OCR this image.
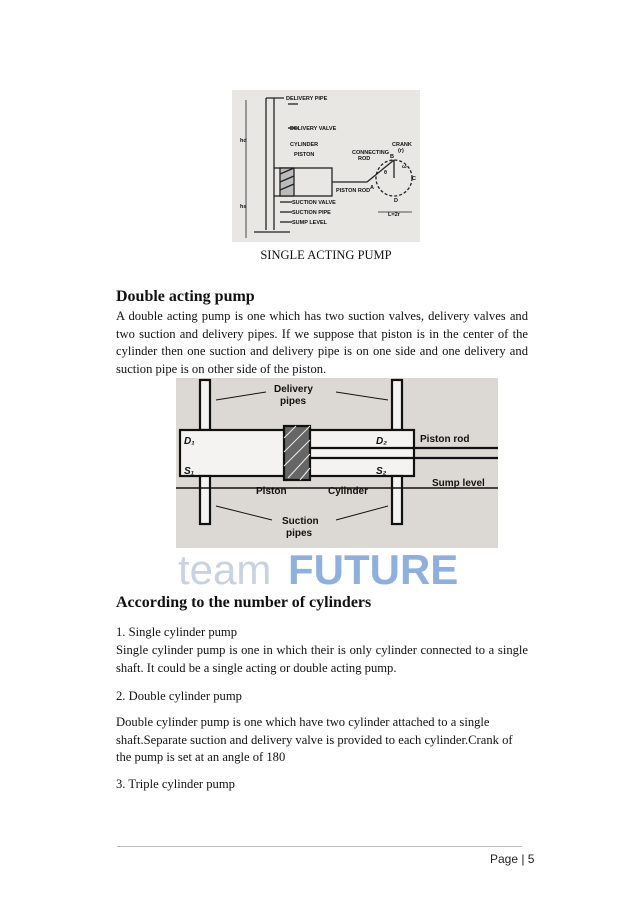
DELIVERY PIPE
DELIVERY VALVE
CYLINDER
PISTON	CONNECTING
ROD
CRANK
(r)
PISTON ROD
SUCTION VALVE
SUCTION PIPE
SUMP LEVEL
L=2r
hd
hs
A
B
C
D
θ
ω
SINGLE ACTING PUMP
Double acting pump
A double acting pump is one which has two suction valves, delivery valves and two suction and delivery pipes. If we suppose that piston is in the center of the cylinder then one suction and delivery pipe is on one side and one delivery and suction pipe is on other side of the piston.
Delivery
pipes
D₁	D₂	Piston rod
S₁	S₂
Piston	Cylinder
Sump level
Suction
pipes
team FUTURE
According to the number of cylinders
1. Single cylinder pump
Single cylinder pump is one in which their is only cylinder connected to a single shaft. It could be a single acting or double acting pump.
2. Double cylinder pump
Double cylinder pump is one which have two cylinder attached to a single shaft.Separate suction and delivery valve is provided to each cylinder.Crank of the pump is set at an angle of 180
3. Triple cylinder pump
Page | 5
